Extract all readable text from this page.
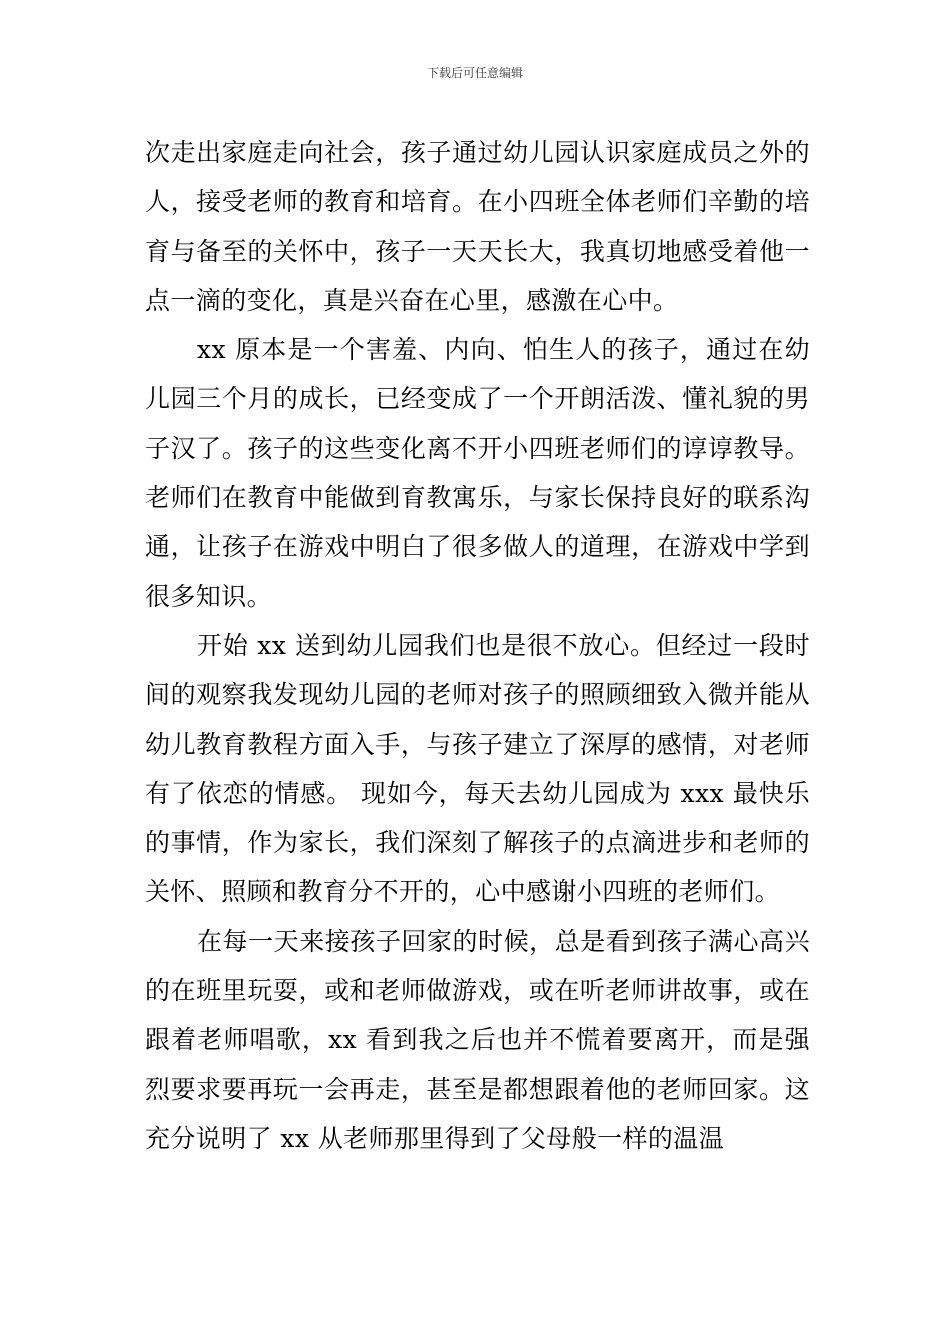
下载后可任意编辑

次走出家庭走向社会，孩子通过幼儿园认识家庭成员之外的人，接受老师的教育和培育。在小四班全体老师们辛勤的培育与备至的关怀中，孩子一天天长大，我真切地感受着他一点一滴的变化，真是兴奋在心里，感激在心中。

xx 原本是一个害羞、内向、怕生人的孩子，通过在幼儿园三个月的成长，已经变成了一个开朗活泼、懂礼貌的男子汉了。孩子的这些变化离不开小四班老师们的谆谆教导。老师们在教育中能做到育教寓乐，与家长保持良好的联系沟通，让孩子在游戏中明白了很多做人的道理，在游戏中学到很多知识。

开始 xx 送到幼儿园我们也是很不放心。但经过一段时间的观察我发现幼儿园的老师对孩子的照顾细致入微并能从幼儿教育教程方面入手，与孩子建立了深厚的感情，对老师有了依恋的情感。 现如今，每天去幼儿园成为 xxx 最快乐的事情，作为家长，我们深刻了解孩子的点滴进步和老师的关怀、照顾和教育分不开的，心中感谢小四班的老师们。

在每一天来接孩子回家的时候，总是看到孩子满心高兴的在班里玩耍，或和老师做游戏，或在听老师讲故事，或在跟着老师唱歌，xx 看到我之后也并不慌着要离开，而是强烈要求要再玩一会再走，甚至是都想跟着他的老师回家。这充分说明了 xx 从老师那里得到了父母般一样的温温
